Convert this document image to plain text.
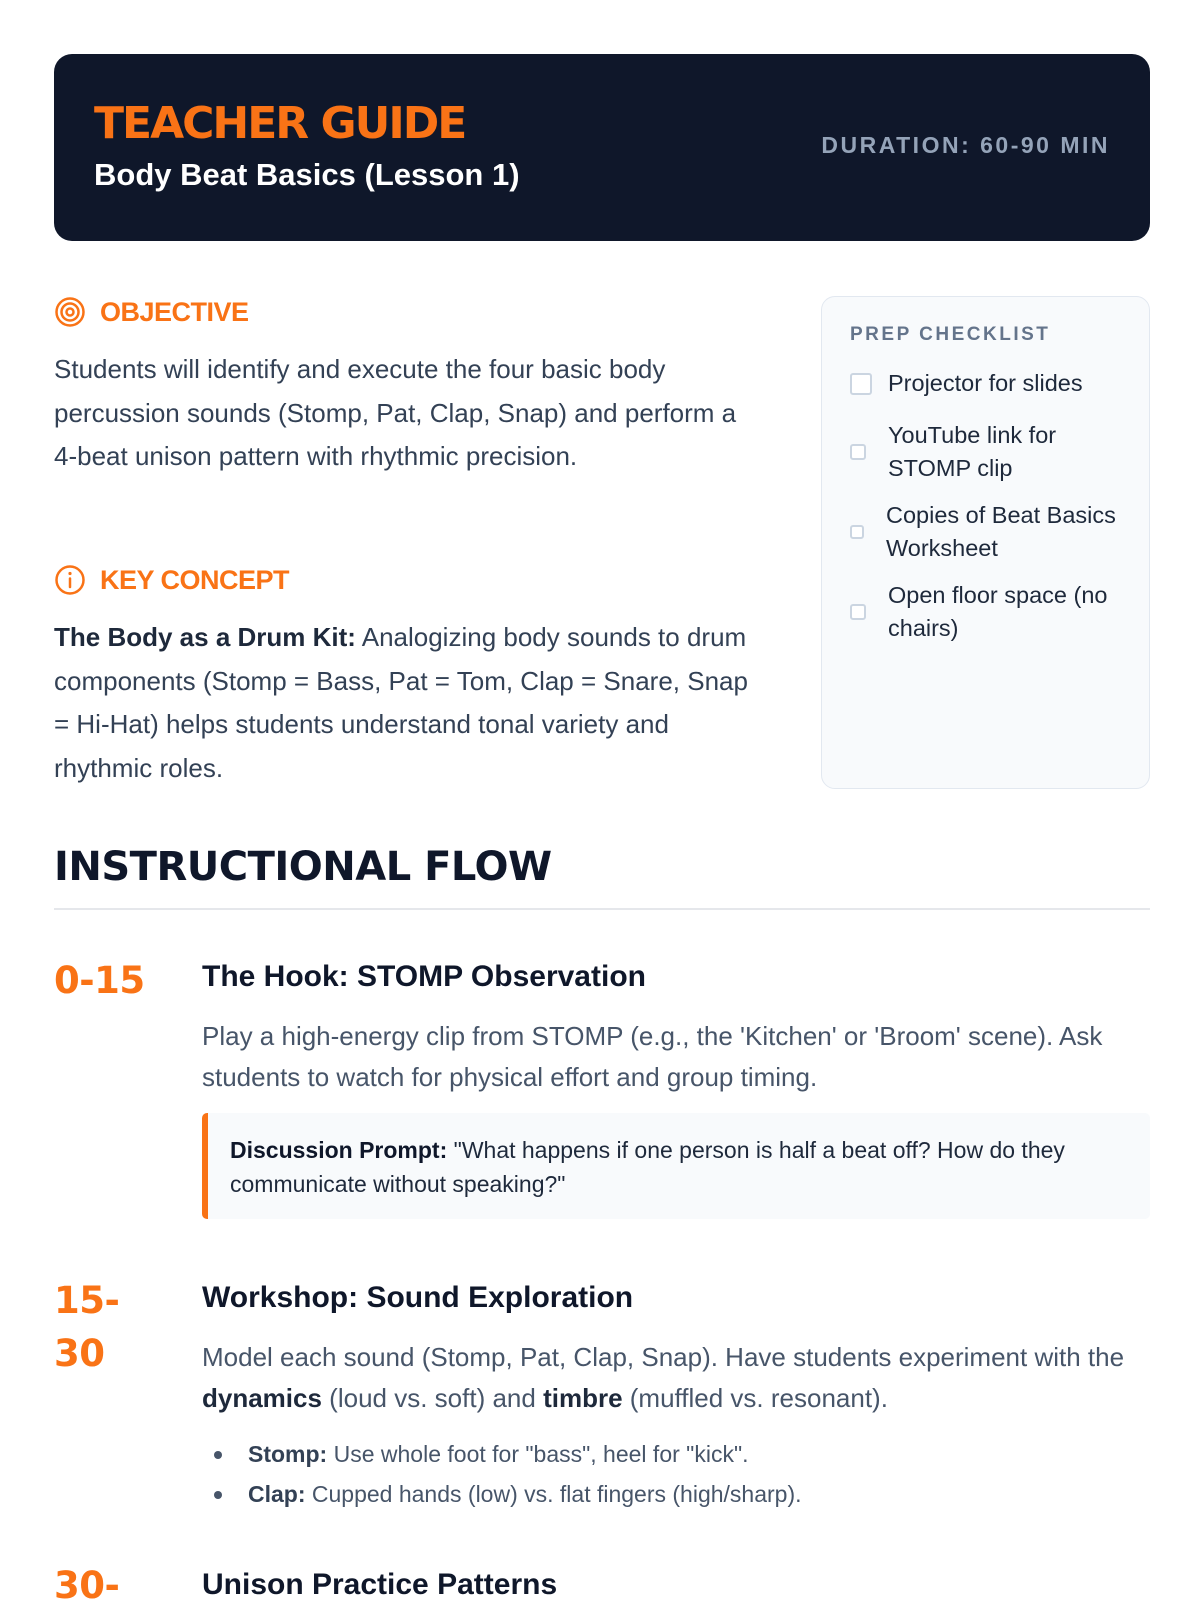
TEACHER GUIDE
Body Beat Basics (Lesson 1)
DURATION: 60-90 MIN
OBJECTIVE

Students will identify and execute the four basic body percussion sounds (Stomp, Pat, Clap, Snap) and perform a 4-beat unison pattern with rhythmic precision.

KEY CONCEPT

The Body as a Drum Kit: Analogizing body sounds to drum components (Stomp = Bass, Pat = Tom, Clap = Snare, Snap = Hi-Hat) helps students understand tonal variety and rhythmic roles.

PREP CHECKLIST
Projector for slides
YouTube link for STOMP clip
Copies of Beat Basics Worksheet
Open floor space (no chairs)
INSTRUCTIONAL FLOW
0-15 The Hook: STOMP Observation

Play a high-energy clip from STOMP (e.g., the 'Kitchen' or 'Broom' scene). Ask students to watch for physical effort and group timing.

Discussion Prompt: "What happens if one person is half a beat off? How do they communicate without speaking?"
15-
30
Workshop: Sound Exploration

Model each sound (Stomp, Pat, Clap, Snap). Have students experiment with the dynamics (loud vs. soft) and timbre (muffled vs. resonant).

Stomp: Use whole foot for "bass", heel for "kick".
Clap: Cupped hands (low) vs. flat fingers (high/sharp).
30-	Unison Practice Patterns
